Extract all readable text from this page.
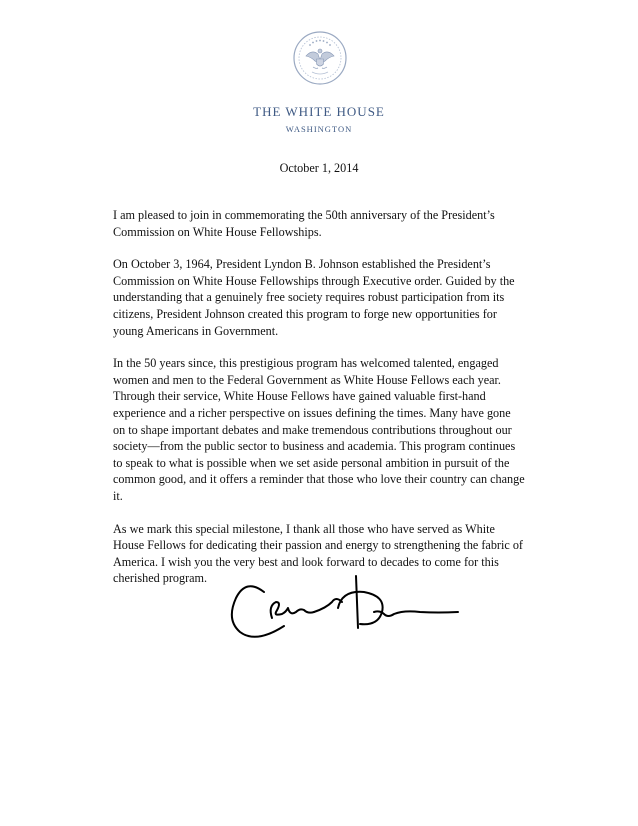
THE WHITE HOUSE
WASHINGTON
October 1, 2014

I am pleased to join in commemorating the 50th anniversary of the President’s Commission on White House Fellowships.

On October 3, 1964, President Lyndon B. Johnson established the President’s Commission on White House Fellowships through Executive order. Guided by the understanding that a genuinely free society requires robust participation from its citizens, President Johnson created this program to forge new opportunities for young Americans in Government.

In the 50 years since, this prestigious program has welcomed talented, engaged women and men to the Federal Government as White House Fellows each year. Through their service, White House Fellows have gained valuable first-hand experience and a richer perspective on issues defining the times. Many have gone on to shape important debates and make tremendous contributions throughout our society—from the public sector to business and academia. This program continues to speak to what is possible when we set aside personal ambition in pursuit of the common good, and it offers a reminder that those who love their country can change it.

As we mark this special milestone, I thank all those who have served as White House Fellows for dedicating their passion and energy to strengthening the fabric of America. I wish you the very best and look forward to decades to come for this cherished program.
